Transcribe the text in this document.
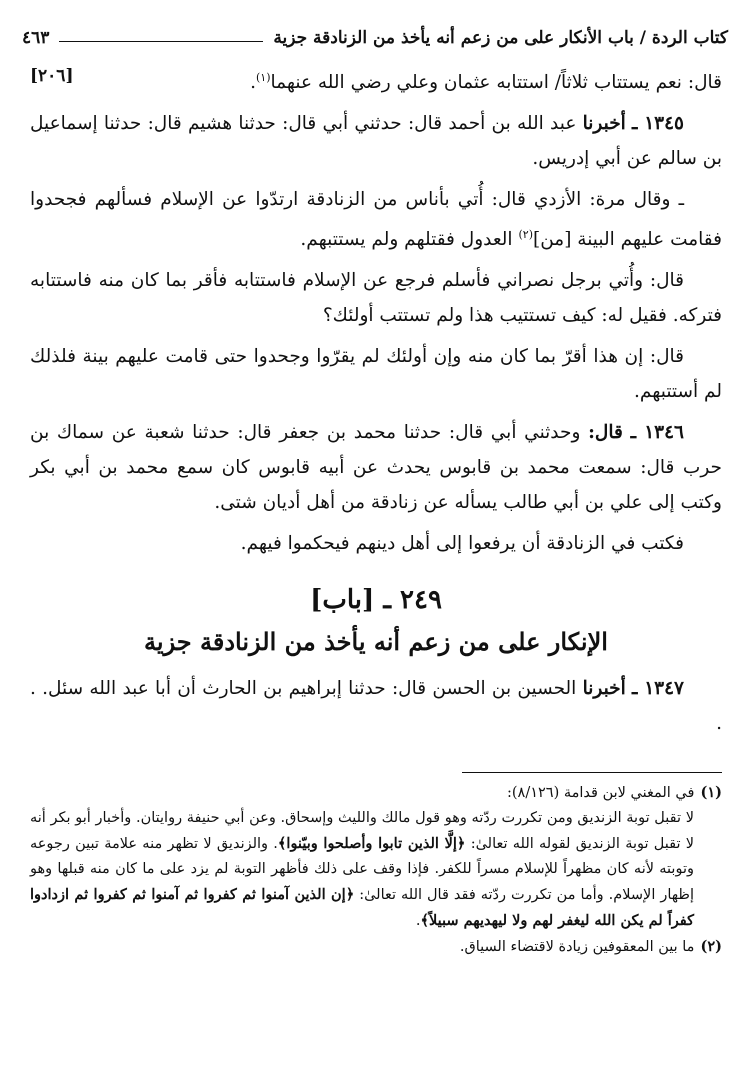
كتاب الردة / باب الأنكار على من زعم أنه يأخذ من الزنادقة جزية
٤٦٣
[٢٠٦]	قال: نعم يستتاب ثلاثاً/ استتابه عثمان وعلي رضي الله عنهما$^{(١)}$.

١٣٤٥ ـ أخبرنا عبد الله بن أحمد قال: حدثني أبي قال: حدثنا هشيم قال: حدثنا إسماعيل بن سالم عن أبي إدريس.

ـ وقال مرة: الأزدي قال: أُتي بأناس من الزنادقة ارتدّوا عن الإسلام فسألهم فجحدوا فقامت عليهم البينة [من]$^{(٢)}$ العدول فقتلهم ولم يستتبهم.

قال: وأُتي برجل نصراني فأسلم فرجع عن الإسلام فاستتابه فأقر بما كان منه فاستتابه فتركه. فقيل له: كيف تستتيب هذا ولم تستتب أولئك؟

قال: إن هذا أقرّ بما كان منه وإن أولئك لم يقرّوا وجحدوا حتى قامت عليهم بينة فلذلك لم أستتبهم.

١٣٤٦ ـ قال: وحدثني أبي قال: حدثنا محمد بن جعفر قال: حدثنا شعبة عن سماك بن حرب قال: سمعت محمد بن قابوس يحدث عن أبيه قابوس كان سمع محمد بن أبي بكر وكتب إلى علي بن أبي طالب يسأله عن زنادقة من أهل أديان شتى.

فكتب في الزنادقة أن يرفعوا إلى أهل دينهم فيحكموا فيهم.

٢٤٩ ـ [باب]
الإنكار على من زعم أنه يأخذ من الزنادقة جزية

١٣٤٧ ـ أخبرنا الحسين بن الحسن قال: حدثنا إبراهيم بن الحارث أن أبا عبد الله سئل. . .

(١)في المغني لابن قدامة (٨/١٢٦):

لا تقبل توبة الزنديق ومن تكررت ردّته وهو قول مالك والليث وإسحاق. وعن أبي حنيفة روايتان. وأخبار أبو بكر أنه لا تقبل توبة الزنديق لقوله الله تعالىٰ: ﴿إلَّا الذين تابوا وأصلحوا وبيّنوا﴾. والزنديق لا تظهر منه علامة تبين رجوعه وتوبته لأنه كان مظهراً للإسلام مسراً للكفر. فإذا وقف على ذلك فأظهر التوبة لم يزد على ما كان منه قبلها وهو إظهار الإسلام. وأما من تكررت ردّته فقد قال الله تعالىٰ: ﴿إن الذين آمنوا ثم كفروا ثم آمنوا ثم كفروا ثم ازدادوا كفراً لم يكن الله ليغفر لهم ولا ليهديهم سبيلاً﴾.

(٢)ما بين المعقوفين زيادة لاقتضاء السياق.
